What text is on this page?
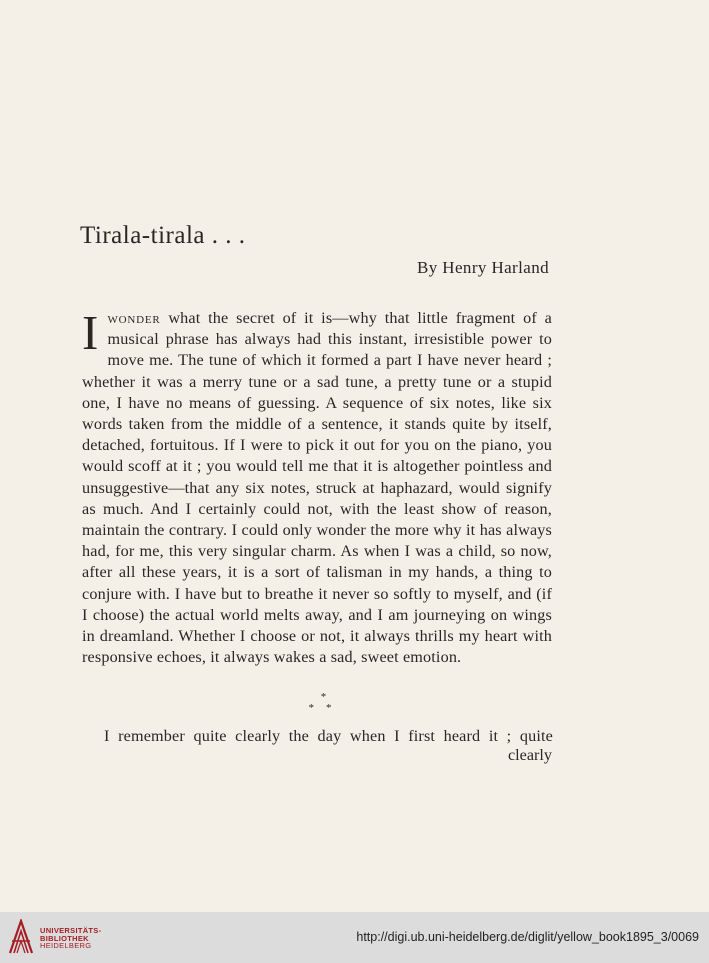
Tirala-tirala . . .
By Henry Harland

Iwonder what the secret of it is—why that little fragment of a musical phrase has always had this instant, irresistible power to move me. The tune of which it formed a part I have never heard ; whether it was a merry tune or a sad tune, a pretty tune or a stupid one, I have no means of guessing. A sequence of six notes, like six words taken from the middle of a sentence, it stands quite by itself, detached, fortuitous. If I were to pick it out for you on the piano, you would scoff at it ; you would tell me that it is altogether pointless and unsuggestive—that any six notes, struck at haphazard, would signify as much. And I certainly could not, with the least show of reason, maintain the contrary. I could only wonder the more why it has always had, for me, this very singular charm. As when I was a child, so now, after all these years, it is a sort of talisman in my hands, a thing to conjure with. I have but to breathe it never so softly to myself, and (if I choose) the actual world melts away, and I am journeying on wings in dreamland. Whether I choose or not, it always thrills my heart with responsive echoes, it always wakes a sad, sweet emotion.

*
**
I remember quite clearly the day when I first heard it ; quite
clearly
UNIVERSITÄTS-
BIBLIOTHEK
HEIDELBERG
http://digi.ub.uni-heidelberg.de/diglit/yellow_book1895_3/0069
